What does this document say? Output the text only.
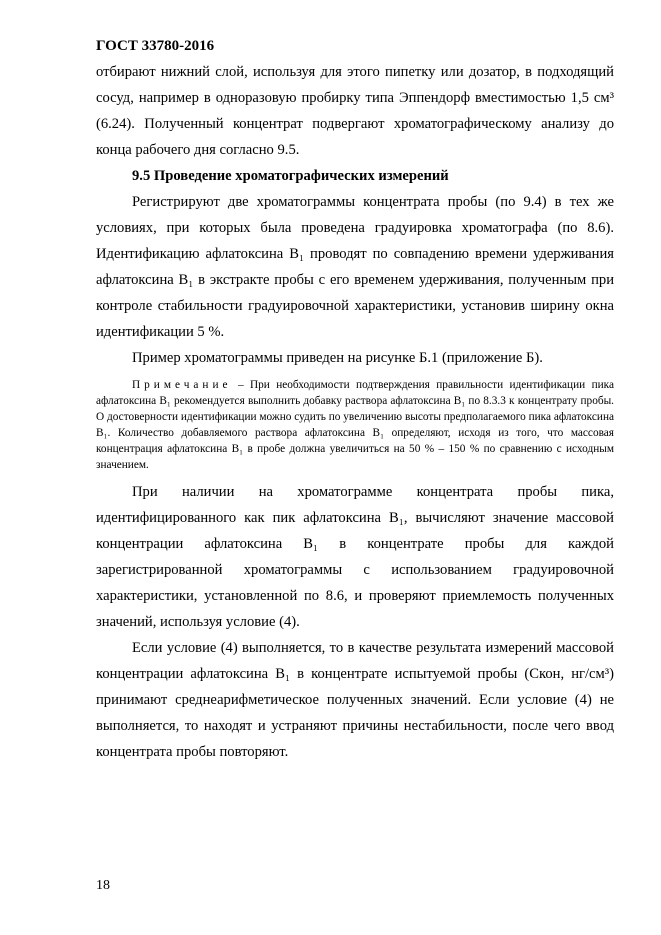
ГОСТ 33780-2016

отбирают нижний слой, используя для этого пипетку или дозатор, в подходящий сосуд, например в одноразовую пробирку типа Эппендорф вместимостью 1,5 см³ (6.24). Полученный концентрат подвергают хроматографическому анализу до конца рабочего дня согласно 9.5.

9.5 Проведение хроматографических измерений

Регистрируют две хроматограммы концентрата пробы (по 9.4) в тех же условиях, при которых была проведена градуировка хроматографа (по 8.6). Идентификацию афлатоксина B₁ проводят по совпадению времени удерживания афлатоксина B₁ в экстракте пробы с его временем удерживания, полученным при контроле стабильности градуировочной характеристики, установив ширину окна идентификации 5 %.

Пример хроматограммы приведен на рисунке Б.1 (приложение Б).

Примечание – При необходимости подтверждения правильности идентификации пика афлатоксина B₁ рекомендуется выполнить добавку раствора афлатоксина B₁ по 8.3.3 к концентрату пробы. О достоверности идентификации можно судить по увеличению высоты предполагаемого пика афлатоксина B₁. Количество добавляемого раствора афлатоксина B₁ определяют, исходя из того, что массовая концентрация афлатоксина B₁ в пробе должна увеличиться на 50 % – 150 % по сравнению с исходным значением.

При наличии на хроматограмме концентрата пробы пика, идентифицированного как пик афлатоксина B₁, вычисляют значение массовой концентрации афлатоксина B₁ в концентрате пробы для каждой зарегистрированной хроматограммы с использованием градуировочной характеристики, установленной по 8.6, и проверяют приемлемость полученных значений, используя условие (4).

Если условие (4) выполняется, то в качестве результата измерений массовой концентрации афлатоксина B₁ в концентрате испытуемой пробы (Cкон, нг/см³) принимают среднеарифметическое полученных значений. Если условие (4) не выполняется, то находят и устраняют причины нестабильности, после чего ввод концентрата пробы повторяют.

18
